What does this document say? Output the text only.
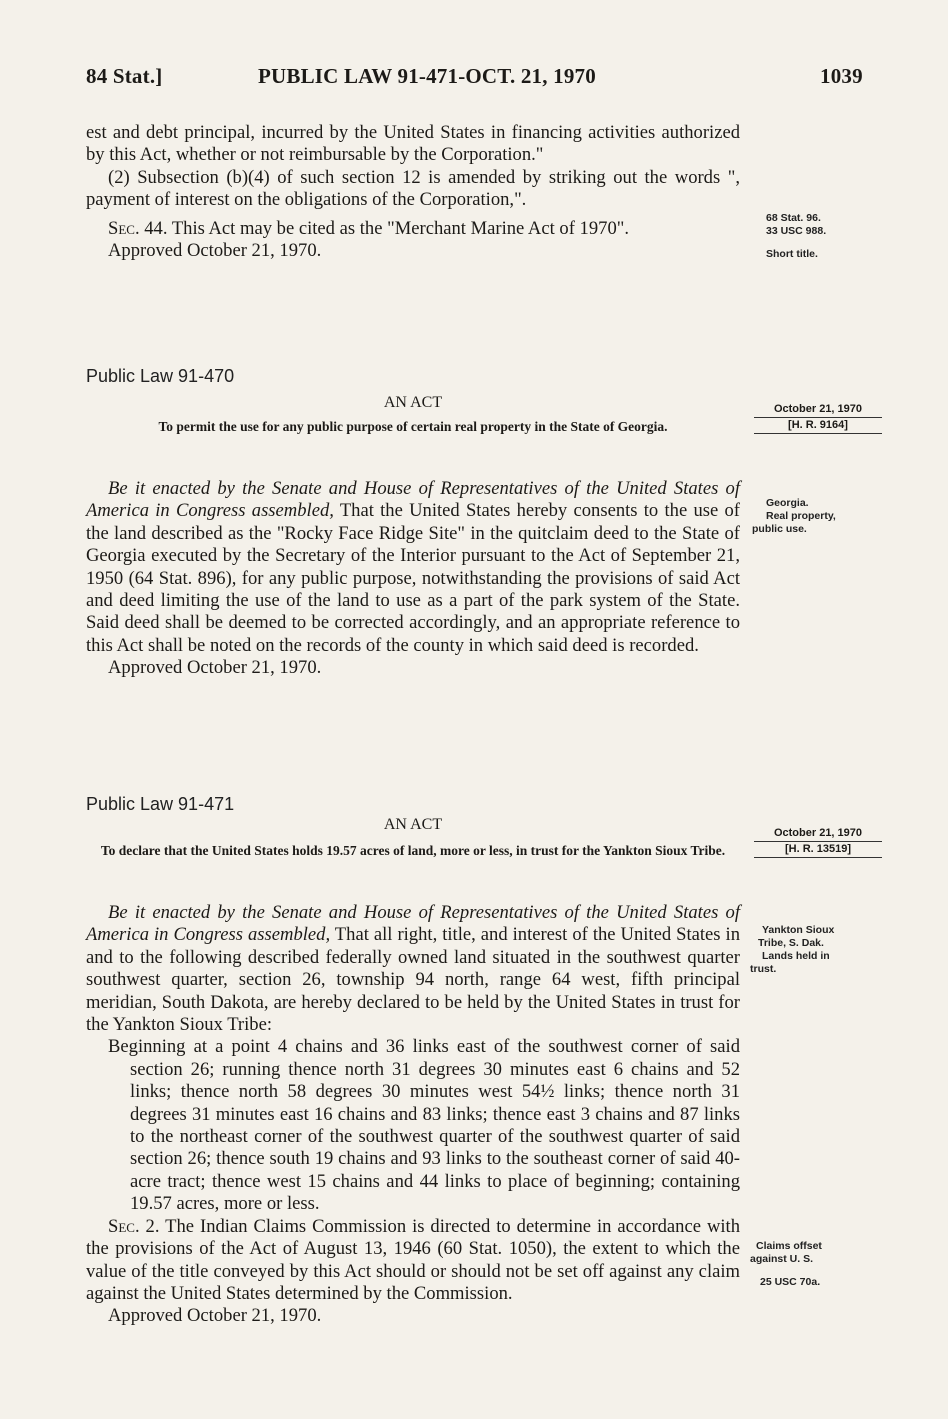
84 Stat.]	PUBLIC LAW 91-471-OCT. 21, 1970	1039

est and debt principal, incurred by the United States in financing activities authorized by this Act, whether or not reimbursable by the Corporation."

(2) Subsection (b)(4) of such section 12 is amended by striking out the words ", payment of interest on the obligations of the Corporation,".

Sec. 44. This Act may be cited as the "Merchant Marine Act of 1970".

Approved October 21, 1970.

68 Stat. 96.
33 USC 988.
Short title.
Public Law 91-470
AN ACT
To permit the use for any public purpose of certain real property in the State of Georgia.
October 21, 1970
[H. R. 9164]

Be it enacted by the Senate and House of Representatives of the United States of America in Congress assembled, That the United States hereby consents to the use of the land described as the "Rocky Face Ridge Site" in the quitclaim deed to the State of Georgia executed by the Secretary of the Interior pursuant to the Act of September 21, 1950 (64 Stat. 896), for any public purpose, notwithstanding the provisions of said Act and deed limiting the use of the land to use as a part of the park system of the State. Said deed shall be deemed to be corrected accordingly, and an appropriate reference to this Act shall be noted on the records of the county in which said deed is recorded.

Approved October 21, 1970.

Georgia.
Real property,
public use.
Public Law 91-471
AN ACT
To declare that the United States holds 19.57 acres of land, more or less, in trust for the Yankton Sioux Tribe.
October 21, 1970
[H. R. 13519]

Be it enacted by the Senate and House of Representatives of the United States of America in Congress assembled, That all right, title, and interest of the United States in and to the following described federally owned land situated in the southwest quarter southwest quarter, section 26, township 94 north, range 64 west, fifth principal meridian, South Dakota, are hereby declared to be held by the United States in trust for the Yankton Sioux Tribe:

Beginning at a point 4 chains and 36 links east of the southwest corner of said section 26; running thence north 31 degrees 30 minutes east 6 chains and 52 links; thence north 58 degrees 30 minutes west 54½ links; thence north 31 degrees 31 minutes east 16 chains and 83 links; thence east 3 chains and 87 links to the northeast corner of the southwest quarter of the southwest quarter of said section 26; thence south 19 chains and 93 links to the southeast corner of said 40-acre tract; thence west 15 chains and 44 links to place of beginning; containing 19.57 acres, more or less.

Sec. 2. The Indian Claims Commission is directed to determine in accordance with the provisions of the Act of August 13, 1946 (60 Stat. 1050), the extent to which the value of the title conveyed by this Act should or should not be set off against any claim against the United States determined by the Commission.

Approved October 21, 1970.

Yankton Sioux
Tribe, S. Dak.
Lands held in
trust.
Claims offset
against U. S.
25 USC 70a.
